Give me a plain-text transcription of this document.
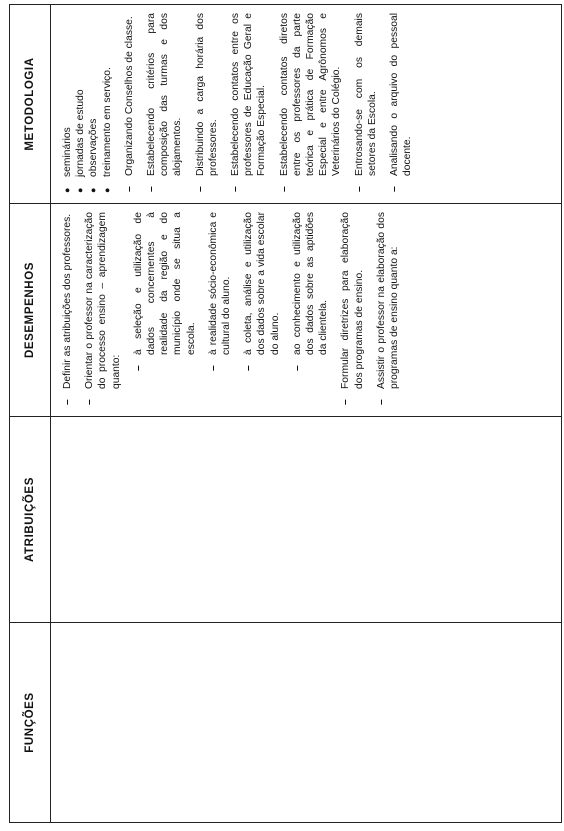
FUNÇÕES
ATRIBUIÇÕES
DESEMPENHOS
METODOLOGIA
–
Definir as atribuições dos professores.
–
Orientar o professor na caracterização do processo ensino – aprendizagem quanto: –
à seleção e utilização de dados concernentes à realidade da região e do município onde se situa a escola.
–
à realidade sócio-econômica e cultural do aluno.
–
à coleta, análise e utilização dos dados sobre a vida escolar do aluno.
–
ao conhecimento e utilização dos dados sobre as aptidões da clientela.
–
Formular diretrizes para elaboração dos programas de ensino.
–
Assistir o professor na elaboração dos programas de ensino quanto a:
●
seminários
●
jornadas de estudo
●
observações
●
treinamento em serviço.
–
Organizando Conselhos de classe.
–
Estabelecendo critérios para composição das turmas e dos alojamentos.
–
Distribuindo a carga horária dos professores.
–
Estabelecendo contatos entre os professores de Educação Geral e Formação Especial.
–
Estabelecendo contatos diretos entre os professores da parte teórica e prática de Formação Especial e entre Agrônomos e Veterinários do Colégio.
–
Entrosando-se com os demais setores da Escola.
–
Analisando o arquivo do pessoal docente.
